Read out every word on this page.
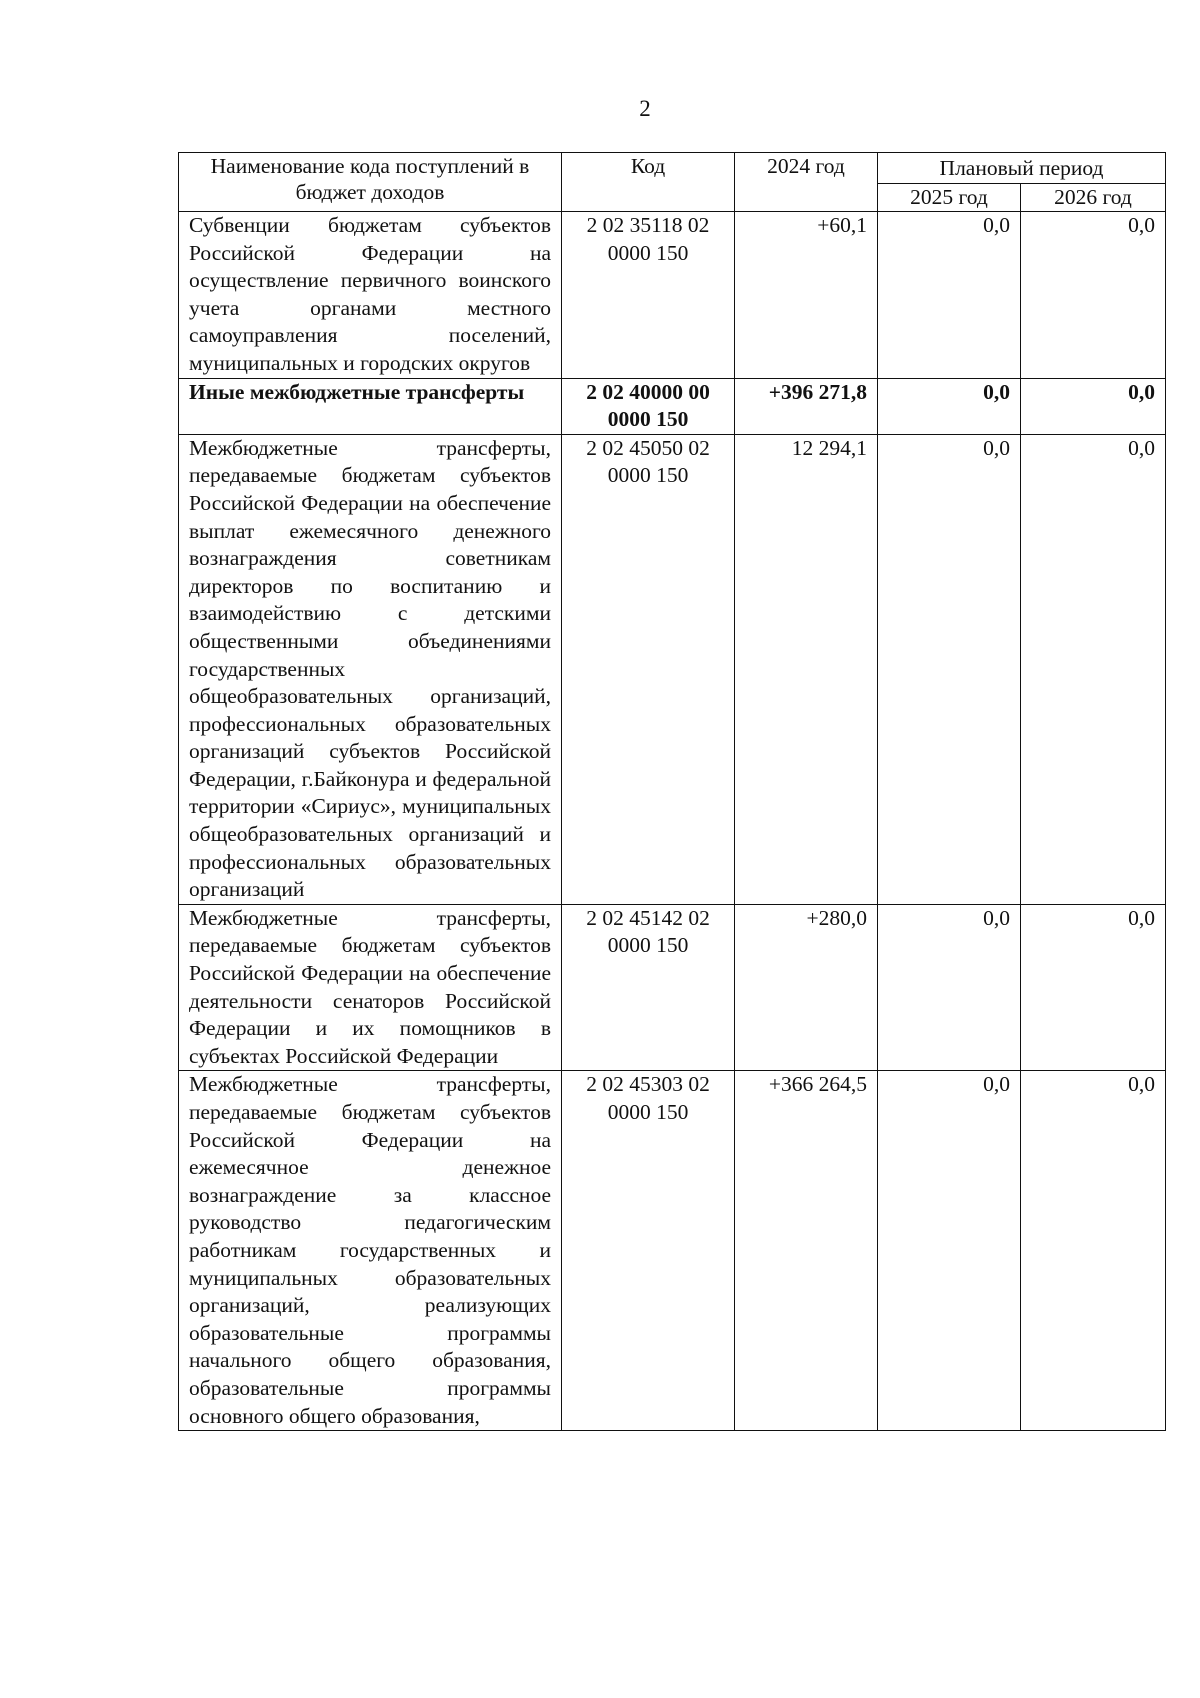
2
Наименование кода поступлений в бюджет доходов	Код	2024 год	Плановый период	
			2025 год	2026 год
Субвенции бюджетам субъектов Российской Федерации на осуществление первичного воинского учета органами местного самоуправления поселений, муниципальных и городских округов	2 02 35118 02 0000 150	+60,1	0,0	0,0
Иные межбюджетные трансферты	2 02 40000 00 0000 150	+396 271,8	0,0	0,0
Межбюджетные трансферты, передаваемые бюджетам субъектов Российской Федерации на обеспечение выплат ежемесячного денежного вознаграждения советникам директоров по воспитанию и взаимодействию с детскими общественными объединениями государственных общеобразовательных организаций, профессиональных образовательных организаций субъектов Российской Федерации, г.Байконура и федеральной территории «Сириус», муниципальных общеобразовательных организаций и профессиональных образовательных организаций	2 02 45050 02 0000 150	12 294,1	0,0	0,0
Межбюджетные трансферты, передаваемые бюджетам субъектов Российской Федерации на обеспечение деятельности сенаторов Российской Федерации и их помощников в субъектах Российской Федерации	2 02 45142 02 0000 150	+280,0	0,0	0,0
Межбюджетные трансферты, передаваемые бюджетам субъектов Российской Федерации на ежемесячное денежное вознаграждение за классное руководство педагогическим работникам государственных и муниципальных образовательных организаций, реализующих образовательные программы начального общего образования, образовательные программы основного общего образования,	2 02 45303 02 0000 150	+366 264,5	0,0	0,0
